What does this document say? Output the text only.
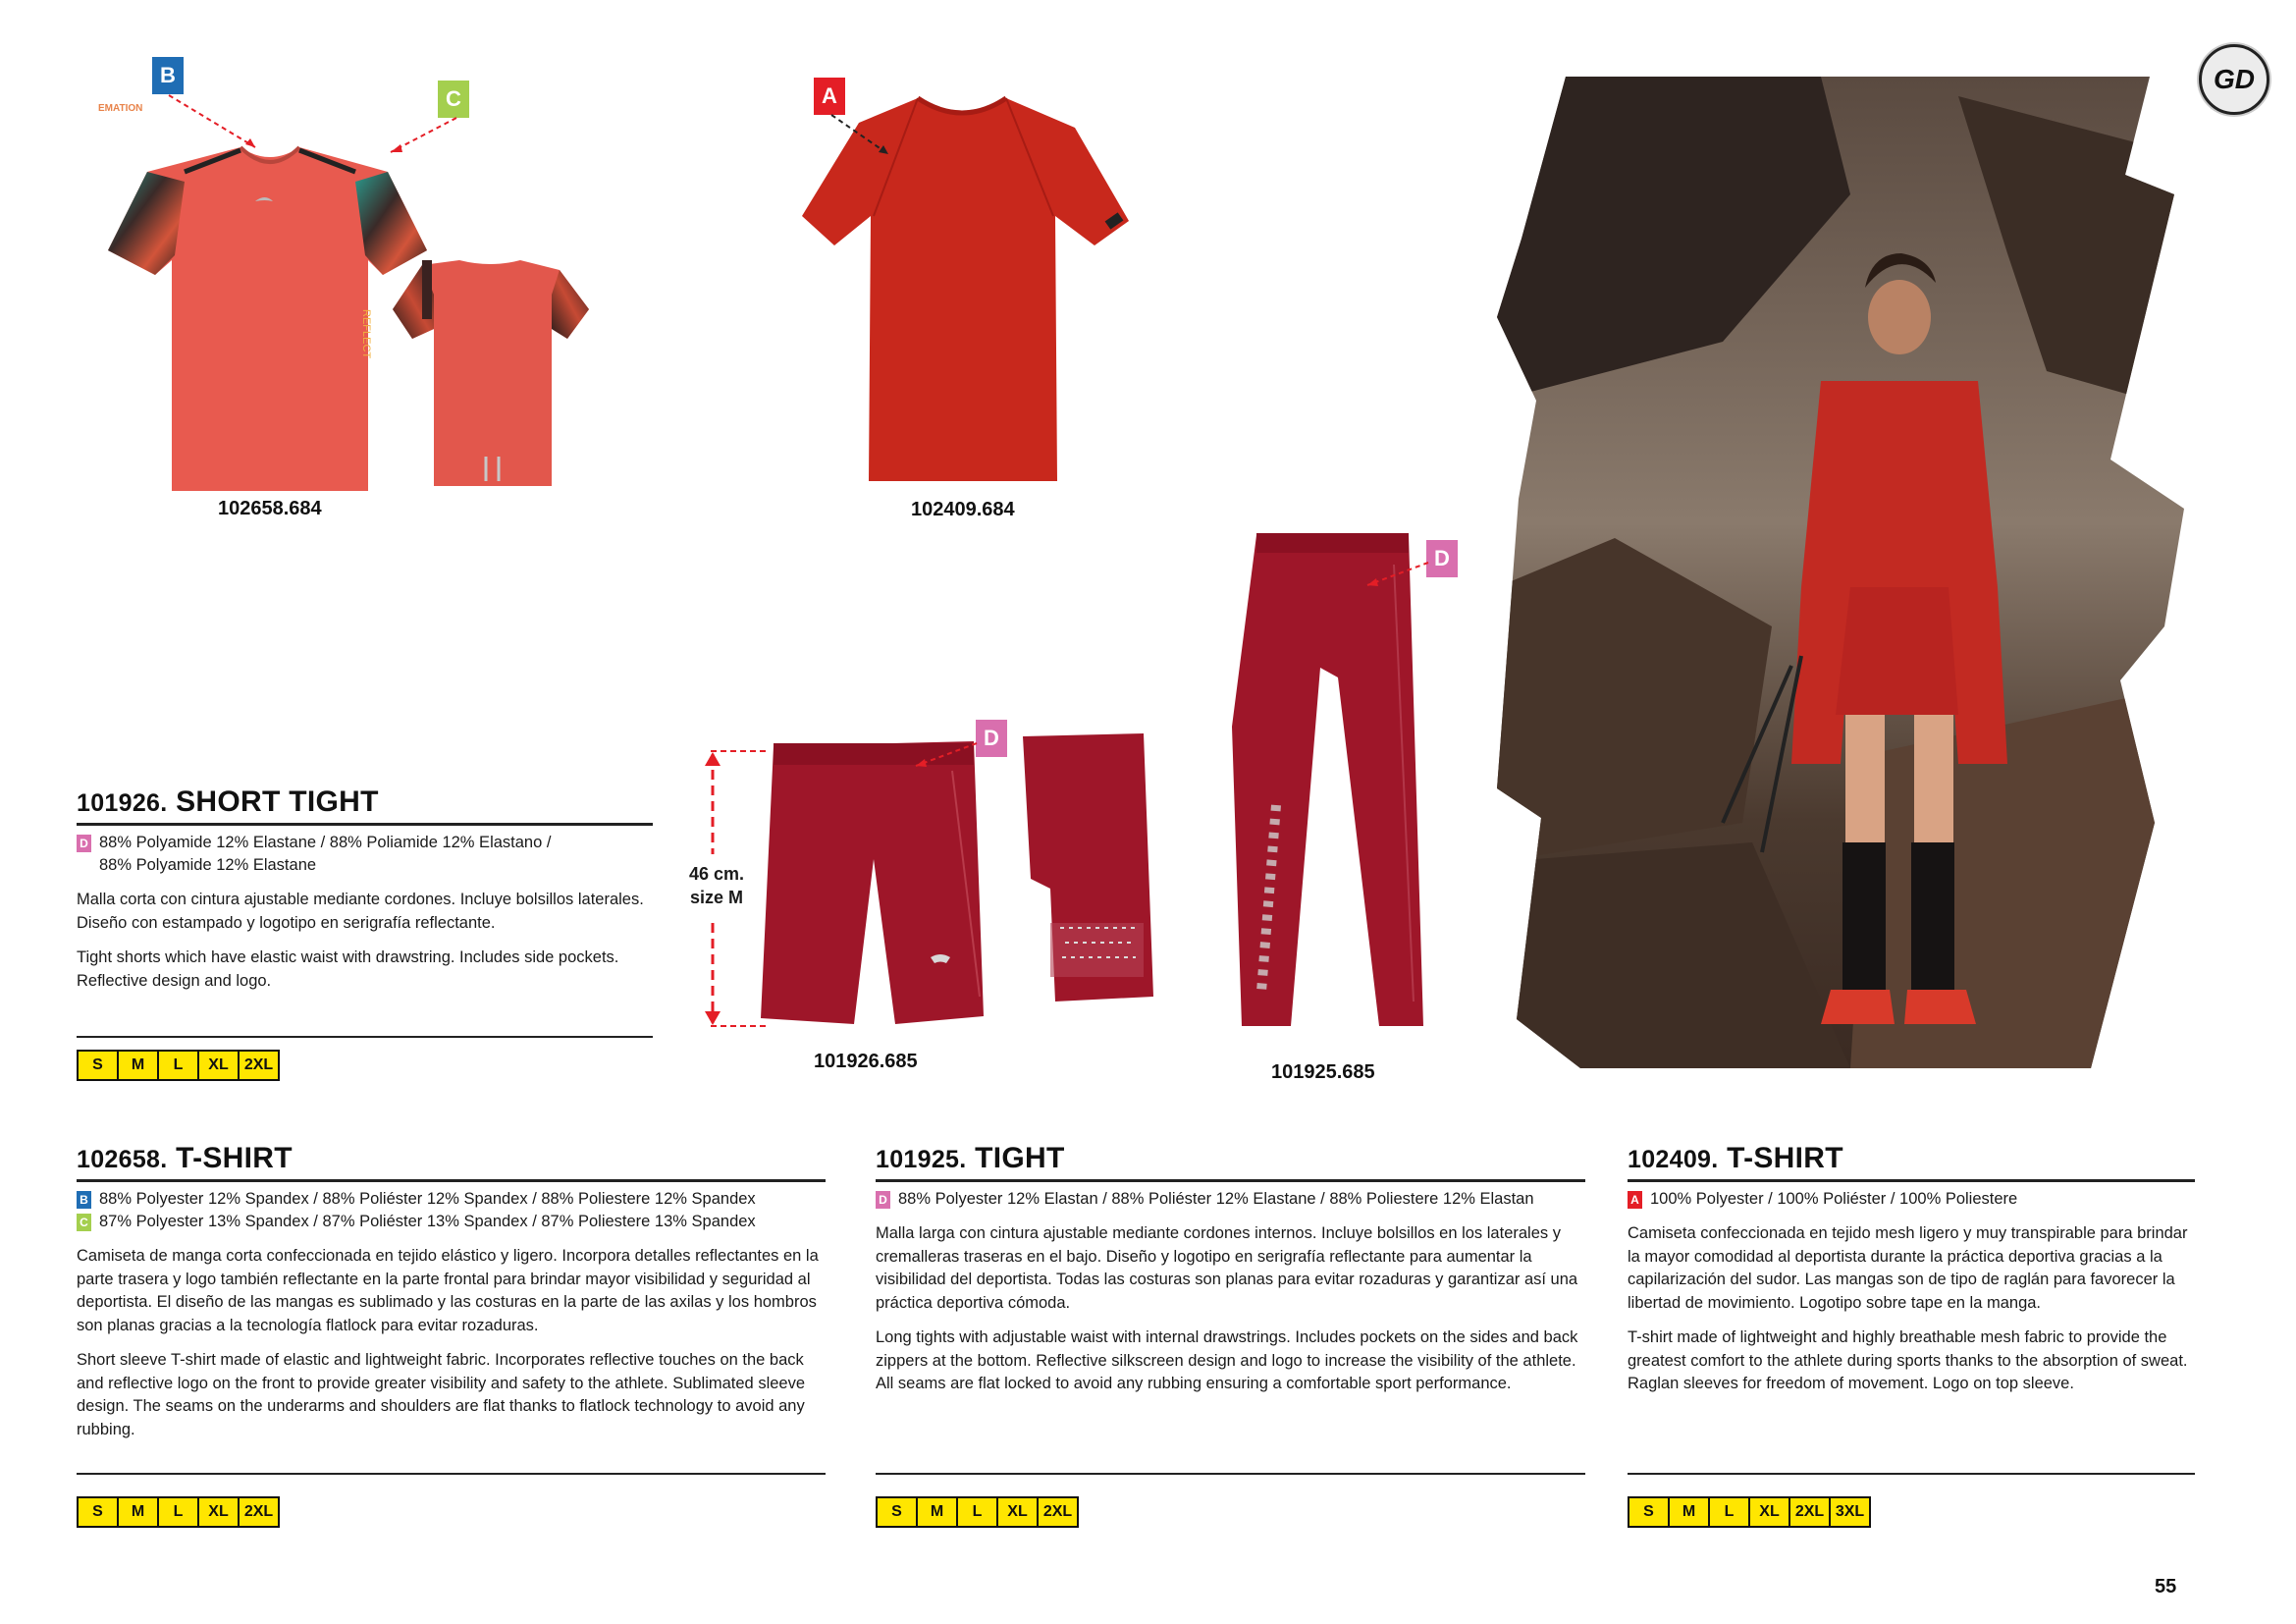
REFLECT
EMATION
B
C
102658.684
A
102409.684
D
46 cm.
size M
101926.685
D
101925.685
GD
101926. SHORT TIGHT
D 88% Polyamide 12% Elastane / 88% Poliamide 12% Elastano /
88% Polyamide 12% Elastane
Malla corta con cintura ajustable mediante cordones. Incluye bolsillos laterales. Diseño con estampado y logotipo en serigrafía reflectante.
Tight shorts which have elastic waist with drawstring. Includes side pockets. Reflective design and logo.
S	M	L	XL	2XL
102658. T-SHIRT
B 88% Polyester 12% Spandex / 88% Poliéster 12% Spandex / 88% Poliestere 12% Spandex
C 87% Polyester 13% Spandex / 87% Poliéster 13% Spandex / 87% Poliestere 13% Spandex
Camiseta de manga corta confeccionada en tejido elástico y ligero. Incorpora detalles reflectantes en la parte trasera y logo también reflectante en la parte frontal para brindar mayor visibilidad y seguridad al deportista. El diseño de las mangas es sublimado y las costuras en la parte de las axilas y los hombros son planas gracias a la tecnología flatlock para evitar rozaduras.
Short sleeve T-shirt made of elastic and lightweight fabric. Incorporates reflective touches on the back and reflective logo on the front to provide greater visibility and safety to the athlete. Sublimated sleeve design. The seams on the underarms and shoulders are flat thanks to flatlock technology to avoid any rubbing.
S	M	L	XL	2XL
101925. TIGHT
D 88% Polyester 12% Elastan / 88% Poliéster 12% Elastane / 88% Poliestere 12% Elastan
Malla larga con cintura ajustable mediante cordones internos. Incluye bolsillos en los laterales y cremalleras traseras en el bajo. Diseño y logotipo en serigrafía reflectante para aumentar la visibilidad del deportista. Todas las costuras son planas para evitar rozaduras y garantizar así una práctica deportiva cómoda.
Long tights with adjustable waist with internal drawstrings. Includes pockets on the sides and back zippers at the bottom. Reflective silkscreen design and logo to increase the visibility of the athlete. All seams are flat locked to avoid any rubbing ensuring a comfortable sport performance.
S	M	L	XL	2XL
102409. T-SHIRT
A 100% Polyester / 100% Poliéster / 100% Poliestere
Camiseta confeccionada en tejido mesh ligero y muy transpirable para brindar la mayor comodidad al deportista durante la práctica deportiva gracias a la capilarización del sudor. Las mangas son de tipo de raglán para favorecer la libertad de movimiento. Logotipo sobre tape en la manga.
T-shirt made of lightweight and highly breathable mesh fabric to provide the greatest comfort to the athlete during sports thanks to the absorption of sweat. Raglan sleeves for freedom of movement. Logo on top sleeve.
S	M	L	XL	2XL 3XL
55
